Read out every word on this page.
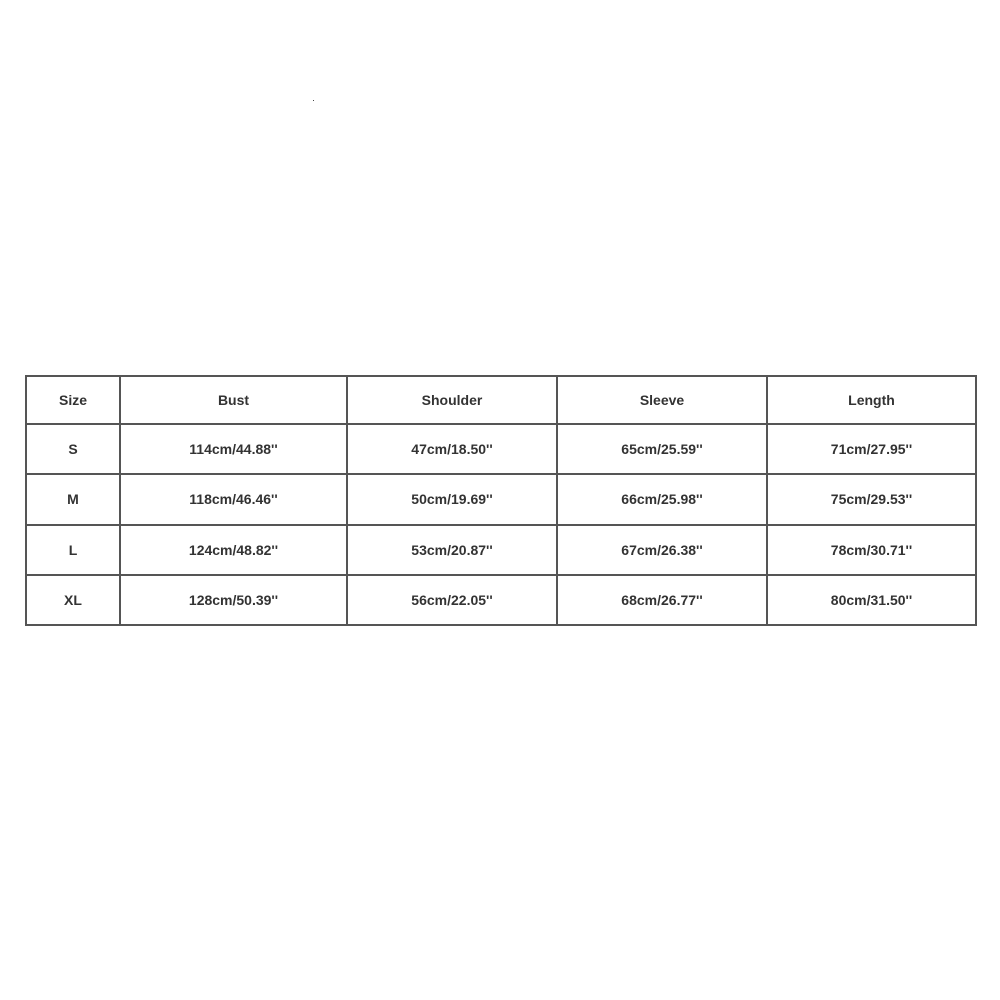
Size	Bust	Shoulder	Sleeve	Length
S	114cm/44.88''	47cm/18.50''	65cm/25.59''	71cm/27.95''
M	118cm/46.46''	50cm/19.69''	66cm/25.98''	75cm/29.53''
L	124cm/48.82''	53cm/20.87''	67cm/26.38''	78cm/30.71''
XL	128cm/50.39''	56cm/22.05''	68cm/26.77''	80cm/31.50''
